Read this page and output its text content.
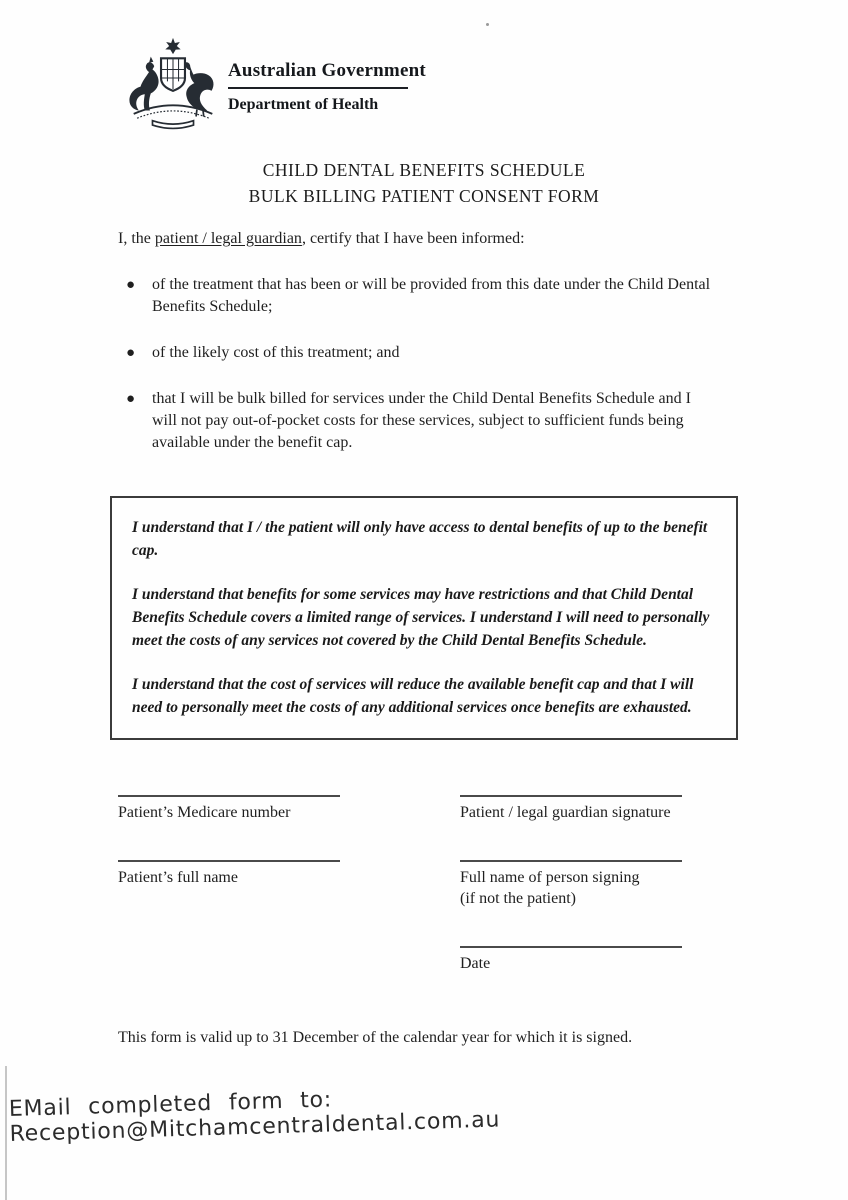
Australian Government
Department of Health
CHILD DENTAL BENEFITS SCHEDULE
BULK BILLING PATIENT CONSENT FORM
I, the patient / legal guardian, certify that I have been informed:
●	of the treatment that has been or will be provided from this date under the Child Dental Benefits Schedule;
●	of the likely cost of this treatment; and
●	that I will be bulk billed for services under the Child Dental Benefits Schedule and I will not pay out-of-pocket costs for these services, subject to sufficient funds being available under the benefit cap.

I understand that I / the patient will only have access to dental benefits of up to the benefit cap.

I understand that benefits for some services may have restrictions and that Child Dental Benefits Schedule covers a limited range of services. I understand I will need to personally meet the costs of any services not covered by the Child Dental Benefits Schedule.

I understand that the cost of services will reduce the available benefit cap and that I will need to personally meet the costs of any additional services once benefits are exhausted.

Patient’s Medicare number	Patient / legal guardian signature
Patient’s full name	Full name of person signing
(if not the patient)
Date
This form is valid up to 31 December of the calendar year for which it is signed.
EMail completed form to: Reception@Mitchamcentraldental.com.au
